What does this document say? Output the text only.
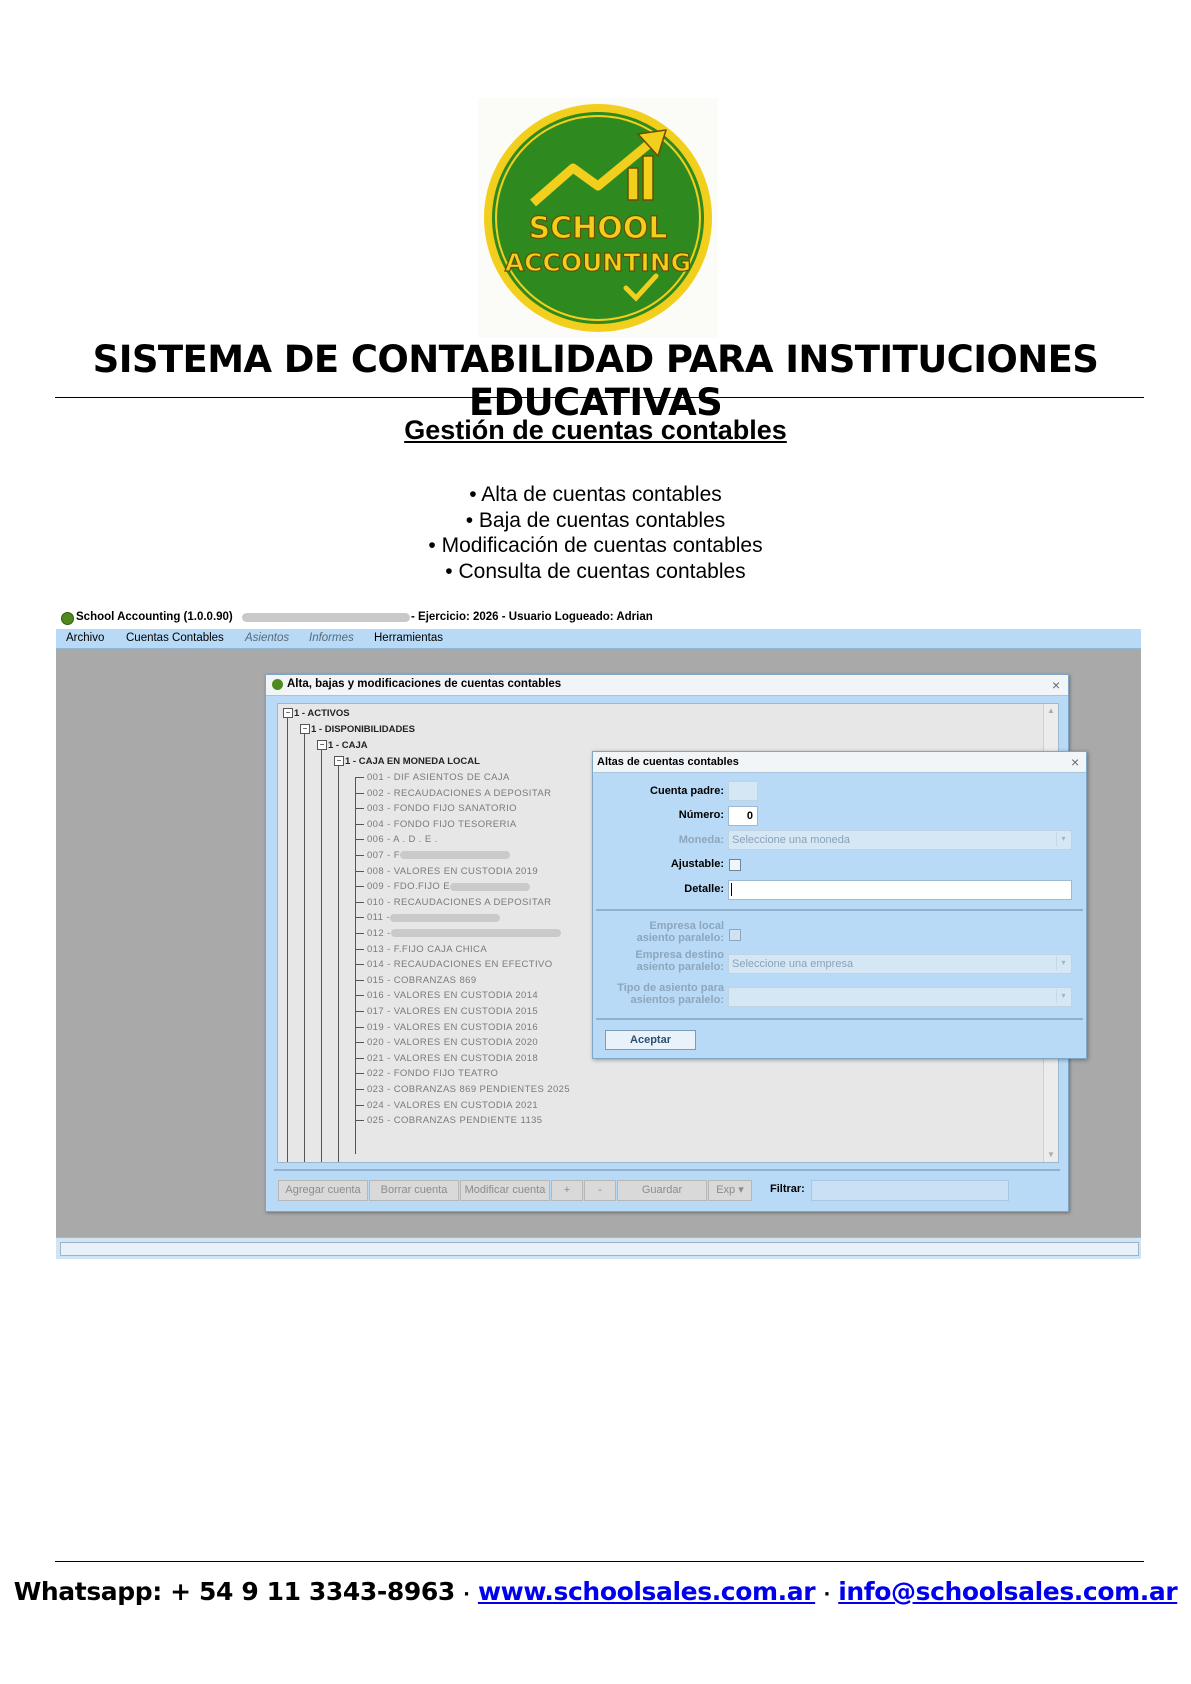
SCHOOL
ACCOUNTING
SISTEMA DE CONTABILIDAD PARA INSTITUCIONES EDUCATIVAS
Gestión de cuentas contables
• Alta de cuentas contables
• Baja de cuentas contables
• Modificación de cuentas contables
• Consulta de cuentas contables
School Accounting (1.0.0.90)	- Ejercicio: 2026 - Usuario Logueado: Adrian
Archivo Cuentas Contables Asientos Informes Herramientas
Alta, bajas y modificaciones de cuentas contables	×
− 1 - ACTIVOS
− 1 - DISPONIBILIDADES
− 1 - CAJA
− 1 - CAJA EN MONEDA LOCAL
001 - DIF ASIENTOS DE CAJA
002 - RECAUDACIONES A DEPOSITAR
003 - FONDO FIJO SANATORIO
004 - FONDO FIJO TESORERIA
006 - A . D . E .
007 - F
008 - VALORES EN CUSTODIA 2019
009 - FDO.FIJO E
010 - RECAUDACIONES A DEPOSITAR
011 -
012 -
013 - F.FIJO CAJA CHICA
014 - RECAUDACIONES EN EFECTIVO
015 - COBRANZAS 869
016 - VALORES EN CUSTODIA 2014
017 - VALORES EN CUSTODIA 2015
019 - VALORES EN CUSTODIA 2016
020 - VALORES EN CUSTODIA 2020
021 - VALORES EN CUSTODIA 2018
022 - FONDO FIJO TEATRO
023 - COBRANZAS 869 PENDIENTES 2025
024 - VALORES EN CUSTODIA 2021
025 - COBRANZAS PENDIENTE 1135
▲
▼
Agregar cuenta	Borrar cuenta	Modificar cuenta	+	-	Guardar	Exp ▾	Filtrar:
Altas de cuentas contables	×
Cuenta padre:
Número: 0
Moneda: Seleccione una moneda	▾
Ajustable:
Detalle:
Empresa local
asiento paralelo:
Empresa destino
asiento paralelo: Seleccione una empresa	▾
Tipo de asiento para
asientos paralelo:	▾
Aceptar
Whatsapp: + 54 9 11 3343-8963 · www.schoolsales.com.ar · info@schoolsales.com.ar
